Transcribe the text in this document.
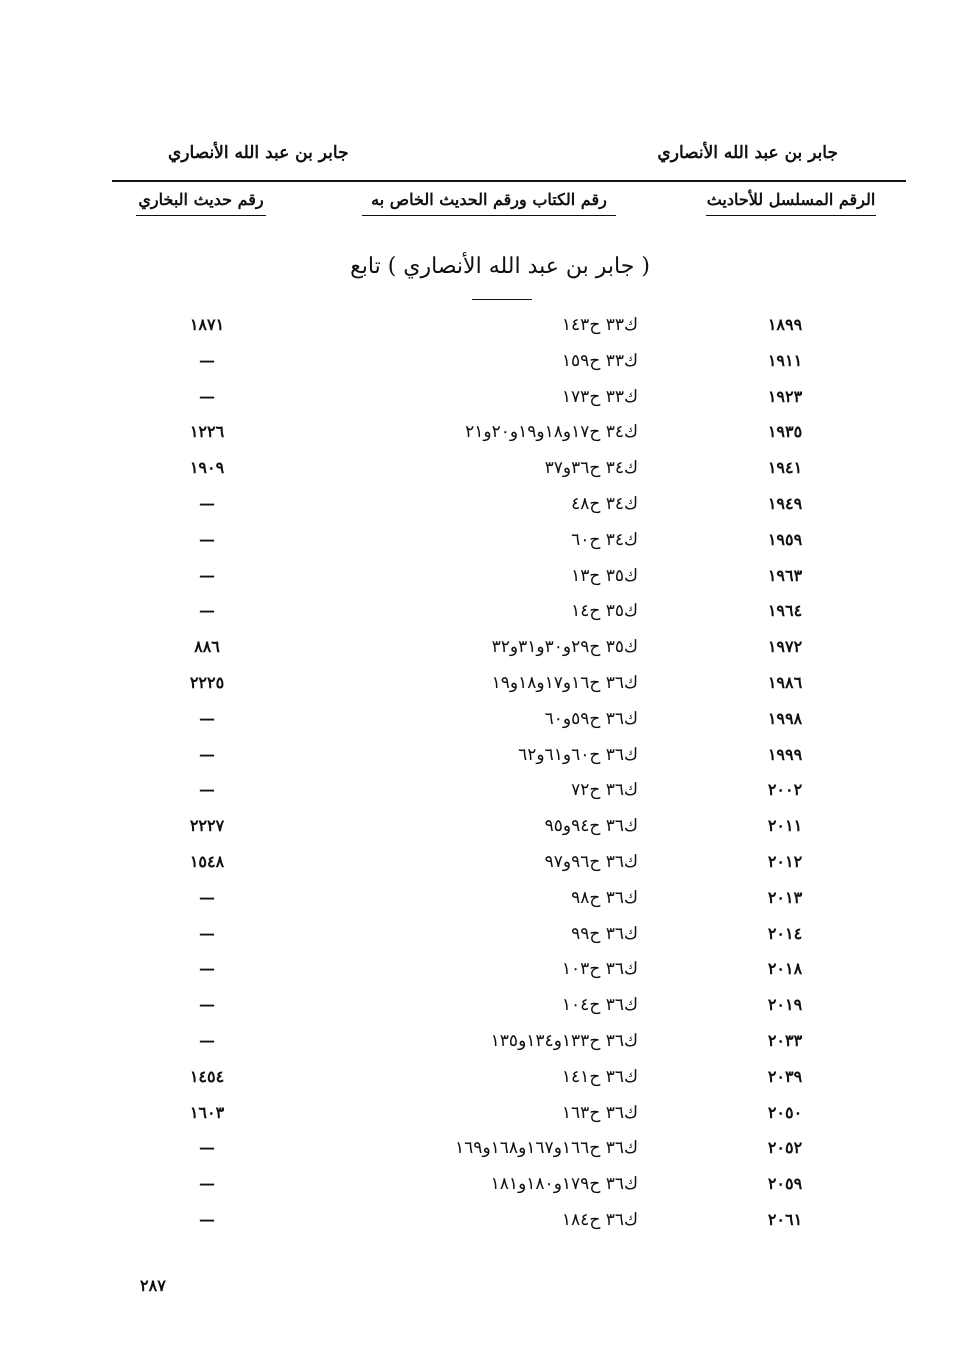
جابر بن عبد الله الأنصاري
جابر بن عبد الله الأنصاري
الرقم المسلسل للأحاديث
رقم الكتاب ورقم الحديث الخاص به
رقم حديث البخاري
( جابر بن عبد الله الأنصاري ) تابع
١٨٩٩
ك٣٣ ح١٤٣
١٨٧١
١٩١١
ك٣٣ ح١٥٩
—
١٩٢٣
ك٣٣ ح١٧٣
—
١٩٣٥
ك٣٤ ح١٧و١٨و١٩و٢٠و٢١
١٢٢٦
١٩٤١
ك٣٤ ح٣٦و٣٧
١٩٠٩
١٩٤٩
ك٣٤ ح٤٨
—
١٩٥٩
ك٣٤ ح٦٠
—
١٩٦٣
ك٣٥ ح١٣
—
١٩٦٤
ك٣٥ ح١٤
—
١٩٧٢
ك٣٥ ح٢٩و٣٠و٣١و٣٢
٨٨٦
١٩٨٦
ك٣٦ ح١٦و١٧و١٨و١٩
٢٢٢٥
١٩٩٨
ك٣٦ ح٥٩و٦٠
—
١٩٩٩
ك٣٦ ح٦٠و٦١و٦٢
—
٢٠٠٢
ك٣٦ ح٧٢
—
٢٠١١
ك٣٦ ح٩٤و٩٥
٢٢٢٧
٢٠١٢
ك٣٦ ح٩٦و٩٧
١٥٤٨
٢٠١٣
ك٣٦ ح٩٨
—
٢٠١٤
ك٣٦ ح٩٩
—
٢٠١٨
ك٣٦ ح١٠٣
—
٢٠١٩
ك٣٦ ح١٠٤
—
٢٠٣٣
ك٣٦ ح١٣٣و١٣٤و١٣٥
—
٢٠٣٩
ك٣٦ ح١٤١
١٤٥٤
٢٠٥٠
ك٣٦ ح١٦٣
١٦٠٣
٢٠٥٢
ك٣٦ ح١٦٦و١٦٧و١٦٨و١٦٩
—
٢٠٥٩
ك٣٦ ح١٧٩و١٨٠و١٨١
—
٢٠٦١
ك٣٦ ح١٨٤
—
٢٨٧
